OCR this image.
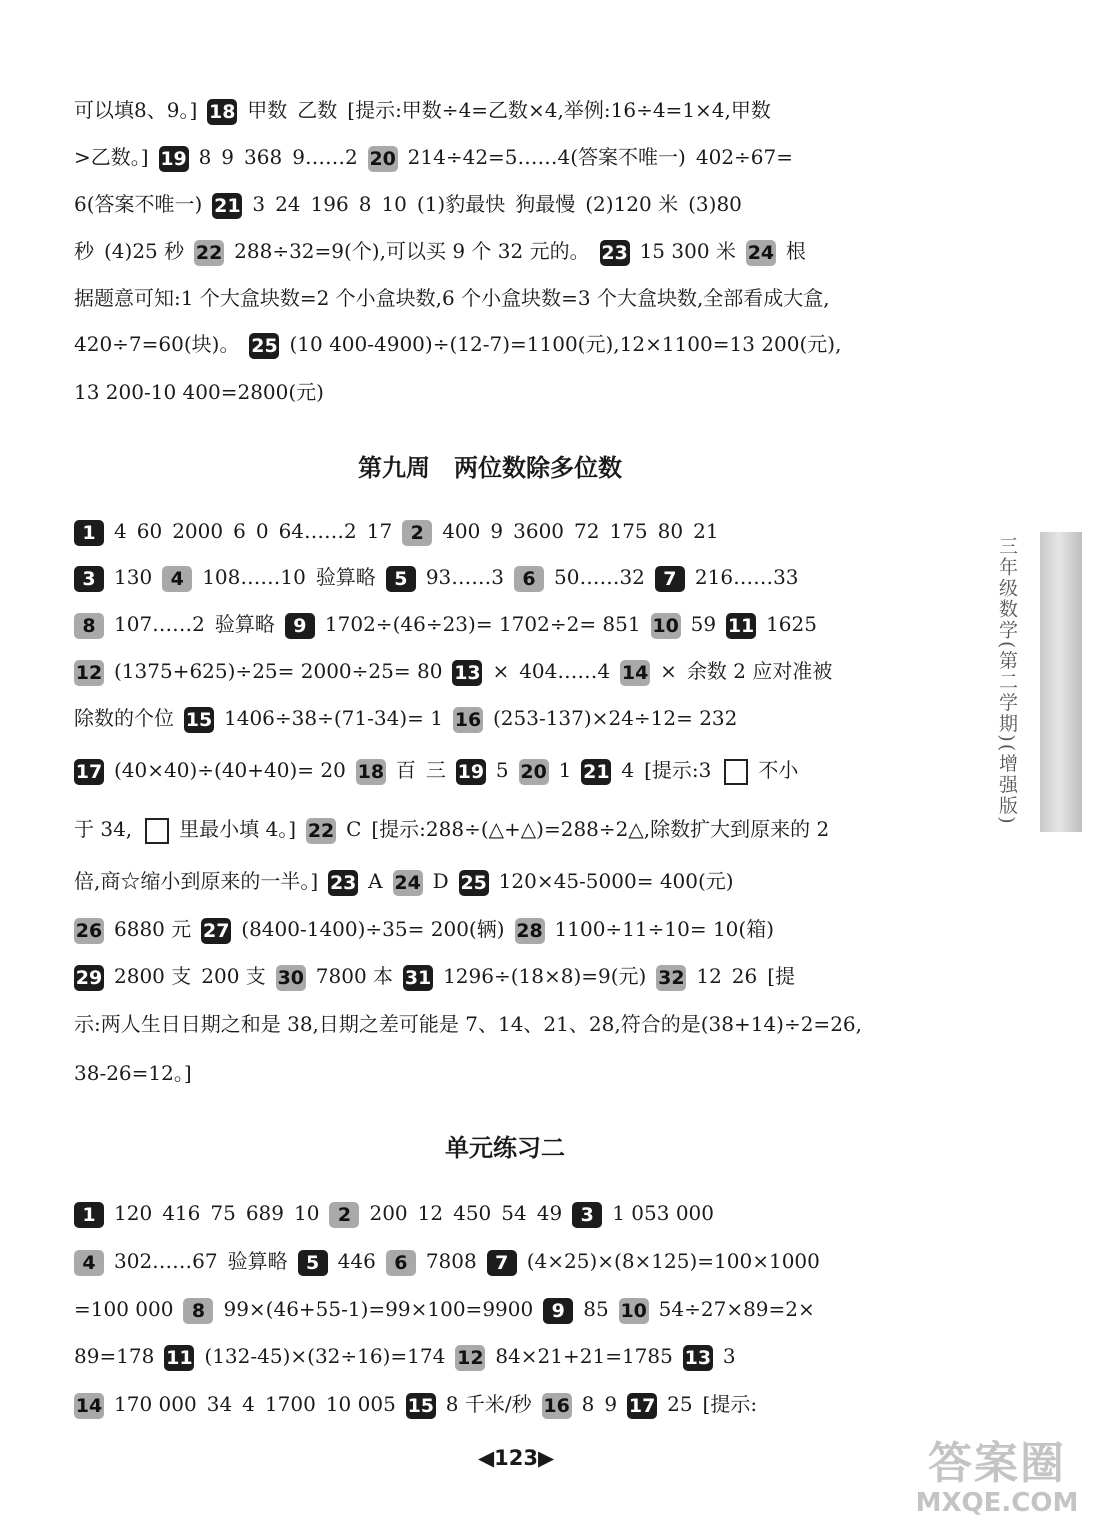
可以填8、9。] 18 甲数 乙数 [提示:甲数÷4=乙数×4,举例:16÷4=1×4,甲数
>乙数。] 19 8 9 368 9……2 20 214÷42=5……4(答案不唯一) 402÷67=
6(答案不唯一) 21 3 24 196 8 10 (1)豹最快 狗最慢 (2)120 米 (3)80
秒 (4)25 秒 22 288÷32=9(个),可以买 9 个 32 元的。 23 15 300 米 24 根
据题意可知:1 个大盒块数=2 个小盒块数,6 个小盒块数=3 个大盒块数,全部看成大盒,
420÷7=60(块)。 25 (10 400-4900)÷(12-7)=1100(元),12×1100=13 200(元),
13 200-10 400=2800(元)
第九周　两位数除多位数
1 4 60 2000 6 0 64……2 17 2 400 9 3600 72 175 80 21
3 130 4 108……10 验算略 5 93……3 6 50……32 7 216……33
8 107……2 验算略 9 1702÷(46÷23)= 1702÷2= 851 10 59 11 1625
12 (1375+625)÷25= 2000÷25= 80 13 × 404……4 14 × 余数 2 应对准被
除数的个位 15 1406÷38÷(71-34)= 1 16 (253-137)×24÷12= 232
17 (40×40)÷(40+40)= 20 18 百 三 19 5 20 1 21 4 [提示:3 不小
于 34, 里最小填 4。] 22 C [提示:288÷(△+△)=288÷2△,除数扩大到原来的 2
倍,商☆缩小到原来的一半。] 23 A 24 D 25 120×45-5000= 400(元)
26 6880 元 27 (8400-1400)÷35= 200(辆) 28 1100÷11÷10= 10(箱)
29 2800 支 200 支 30 7800 本 31 1296÷(18×8)=9(元) 32 12 26 [提
示:两人生日日期之和是 38,日期之差可能是 7、14、21、28,符合的是(38+14)÷2=26,
38-26=12。]
单元练习二
1 120 416 75 689 10 2 200 12 450 54 49 3 1 053 000
4 302……67 验算略 5 446 6 7808 7 (4×25)×(8×125)=100×1000
=100 000 8 99×(46+55-1)=99×100=9900 9 85 10 54÷27×89=2×
89=178 11 (132-45)×(32÷16)=174 12 84×21+21=1785 13 3
14 170 000 34 4 1700 10 005 15 8 千米/秒 16 8 9 17 25 [提示:
三年级数学(第二学期)(增强版)
◀123▶	答案圈
MXQE.COM
